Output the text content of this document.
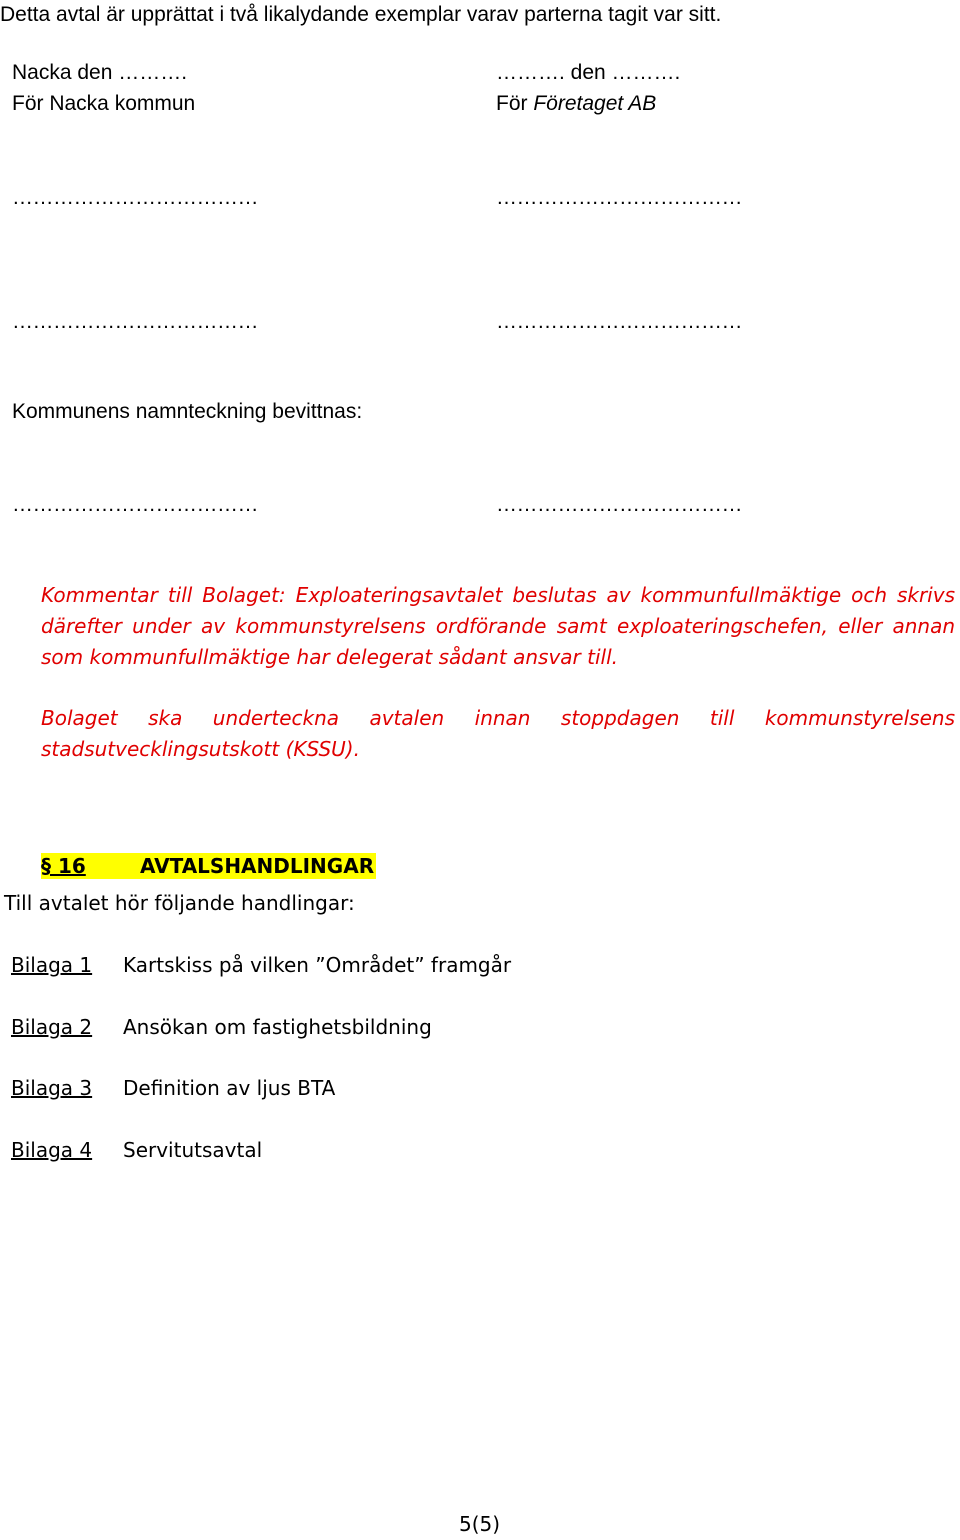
Detta avtal är upprättat i två likalydande exemplar varav parterna tagit var sitt.
Nacka den ……….	………. den ……….
För Nacka kommun	För Företaget AB
………………………………	………………………………
………………………………	………………………………
Kommunens namnteckning bevittnas:
………………………………	………………………………
Kommentar till Bolaget: Exploateringsavtalet beslutas av kommunfullmäktige och skrivs
därefter under av kommunstyrelsens ordförande samt exploateringschefen, eller annan
som kommunfullmäktige har delegerat sådant ansvar till.
Bolaget ska underteckna avtalen innan stoppdagen till kommunstyrelsens
stadsutvecklingsutskott (KSSU).
§ 16	AVTALSHANDLINGAR
Till avtalet hör följande handlingar:
Bilaga 1 Kartskiss på vilken ”Området” framgår
Bilaga 2 Ansökan om fastighetsbildning
Bilaga 3 Definition av ljus BTA
Bilaga 4 Servitutsavtal
5(5)
